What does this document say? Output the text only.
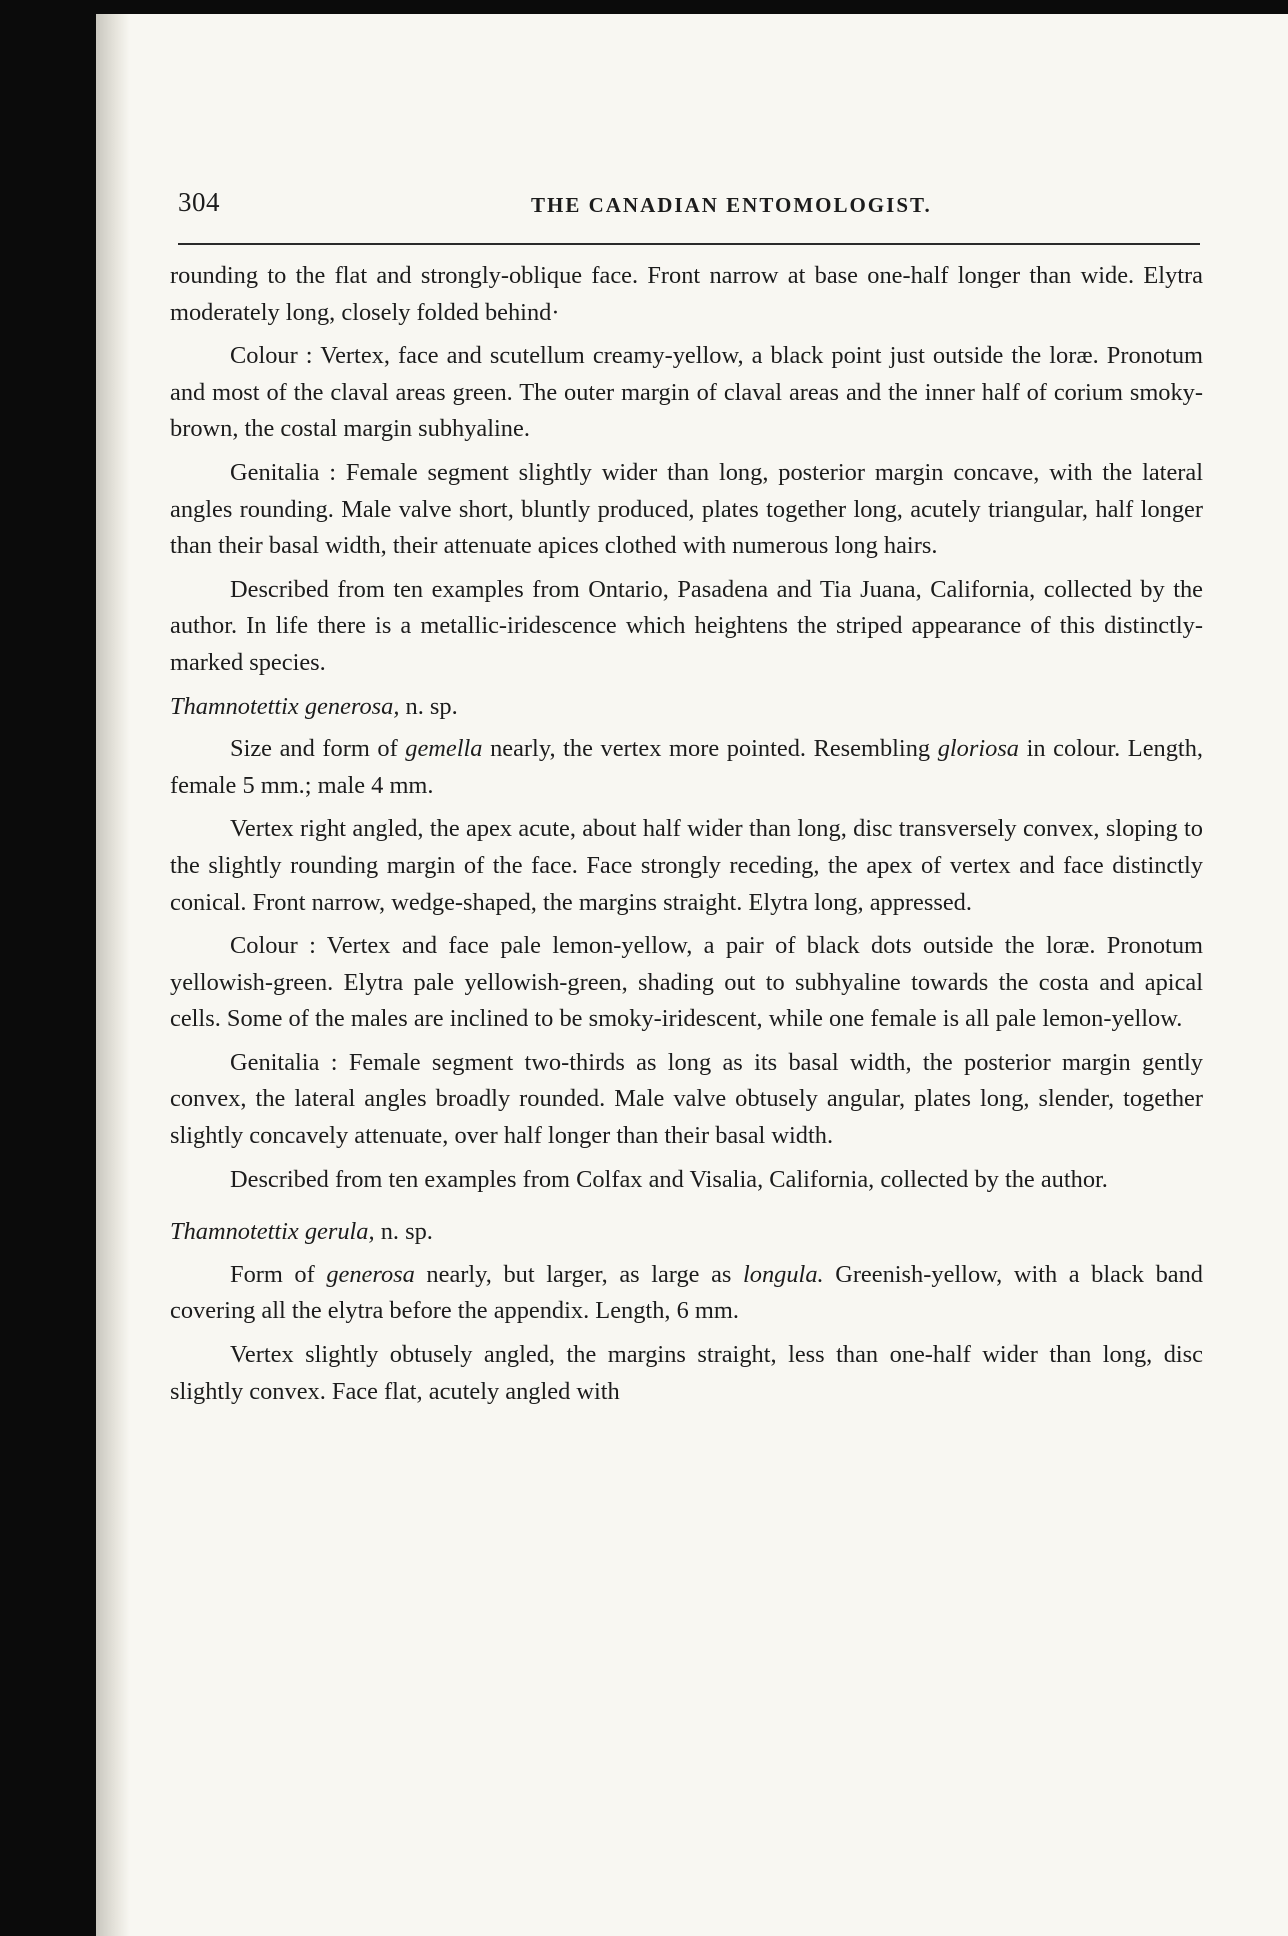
304	THE CANADIAN ENTOMOLOGIST.

rounding to the flat and strongly-oblique face. Front narrow at base one-half longer than wide. Elytra moderately long, closely folded behind·

Colour : Vertex, face and scutellum creamy-yellow, a black point just outside the loræ. Pronotum and most of the claval areas green. The outer margin of claval areas and the inner half of corium smoky-brown, the costal margin subhyaline.

Genitalia : Female segment slightly wider than long, posterior margin concave, with the lateral angles rounding. Male valve short, bluntly produced, plates together long, acutely triangular, half longer than their basal width, their attenuate apices clothed with numerous long hairs.

Described from ten examples from Ontario, Pasadena and Tia Juana, California, collected by the author. In life there is a metallic-iridescence which heightens the striped appearance of this distinctly-marked species.

Thamnotettix generosa, n. sp.

Size and form of gemella nearly, the vertex more pointed. Resembling gloriosa in colour. Length, female 5 mm.; male 4 mm.

Vertex right angled, the apex acute, about half wider than long, disc transversely convex, sloping to the slightly rounding margin of the face. Face strongly receding, the apex of vertex and face distinctly conical. Front narrow, wedge-shaped, the margins straight. Elytra long, appressed.

Colour : Vertex and face pale lemon-yellow, a pair of black dots outside the loræ. Pronotum yellowish-green. Elytra pale yellowish-green, shading out to subhyaline towards the costa and apical cells. Some of the males are inclined to be smoky-iridescent, while one female is all pale lemon-yellow.

Genitalia : Female segment two-thirds as long as its basal width, the posterior margin gently convex, the lateral angles broadly rounded. Male valve obtusely angular, plates long, slender, together slightly concavely attenuate, over half longer than their basal width.

Described from ten examples from Colfax and Visalia, California, collected by the author.

Thamnotettix gerula, n. sp.

Form of generosa nearly, but larger, as large as longula. Greenish-yellow, with a black band covering all the elytra before the appendix. Length, 6 mm.

Vertex slightly obtusely angled, the margins straight, less than one-half wider than long, disc slightly convex. Face flat, acutely angled with
